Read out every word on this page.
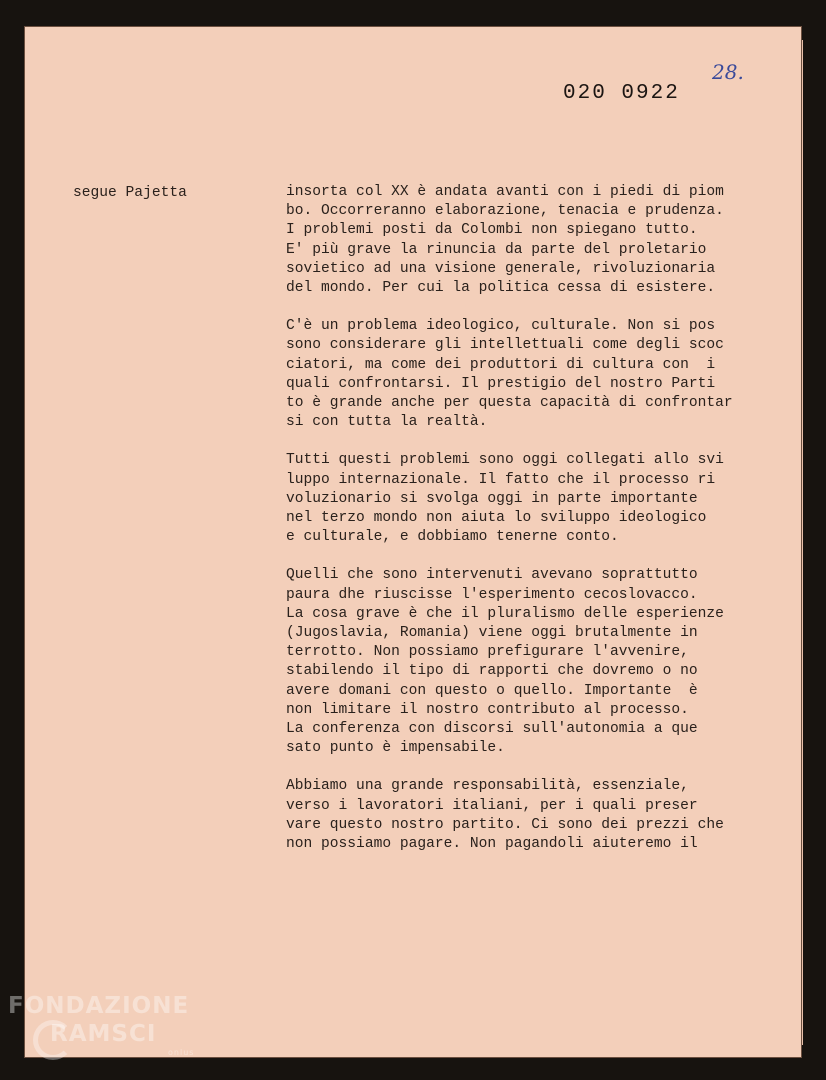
020 0922
28.
segue Pajetta	insorta col XX è andata avanti con i piedi di piom
bo. Occorreranno elaborazione, tenacia e prudenza.
I problemi posti da Colombi non spiegano tutto.
E' più grave la rinuncia da parte del proletario
sovietico ad una visione generale, rivoluzionaria
del mondo. Per cui la politica cessa di esistere.

C'è un problema ideologico, culturale. Non si pos
sono considerare gli intellettuali come degli scoc
ciatori, ma come dei produttori di cultura con  i
quali confrontarsi. Il prestigio del nostro Parti
to è grande anche per questa capacità di confrontar
si con tutta la realtà.

Tutti questi problemi sono oggi collegati allo svi
luppo internazionale. Il fatto che il processo ri
voluzionario si svolga oggi in parte importante
nel terzo mondo non aiuta lo sviluppo ideologico
e culturale, e dobbiamo tenerne conto.

Quelli che sono intervenuti avevano soprattutto
paura dhe riuscisse l'esperimento cecoslovacco.
La cosa grave è che il pluralismo delle esperienze
(Jugoslavia, Romania) viene oggi brutalmente in
terrotto. Non possiamo prefigurare l'avvenire,
stabilendo il tipo di rapporti che dovremo o no
avere domani con questo o quello. Importante  è
non limitare il nostro contributo al processo.
La conferenza con discorsi sull'autonomia a que
sato punto è impensabile.

Abbiamo una grande responsabilità, essenziale,
verso i lavoratori italiani, per i quali preser
vare questo nostro partito. Ci sono dei prezzi che
non possiamo pagare. Non pagandoli aiuteremo il

FONDAZIONE
RAMSCI
onlus
